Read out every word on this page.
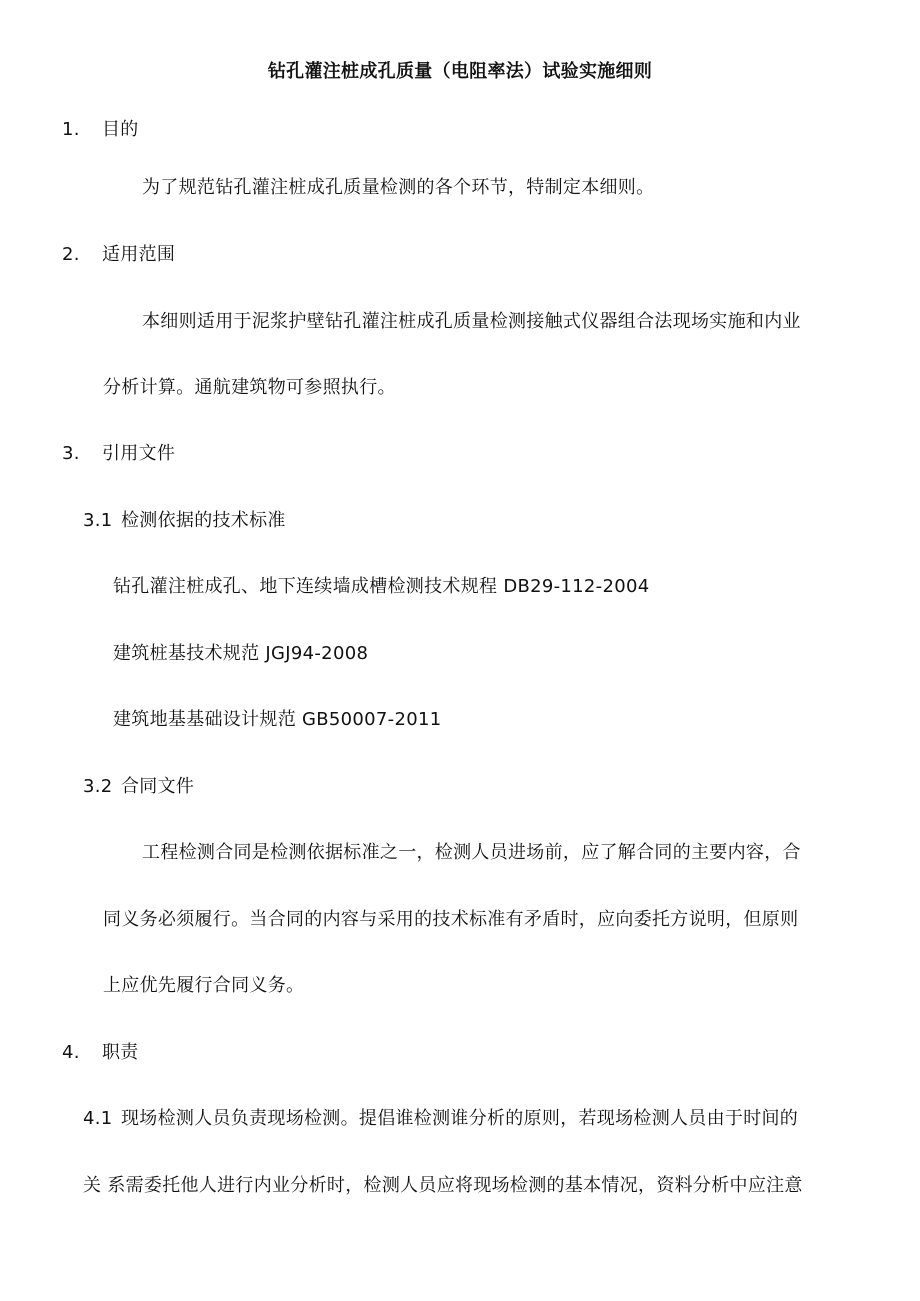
钻孔灌注桩成孔质量（电阻率法）试验实施细则
1. 目的
为了规范钻孔灌注桩成孔质量检测的各个环节，特制定本细则。
2. 适用范围
本细则适用于泥浆护壁钻孔灌注桩成孔质量检测接触式仪器组合法现场实施和内业
分析计算。通航建筑物可参照执行。
3. 引用文件
3.1 检测依据的技术标准
钻孔灌注桩成孔、地下连续墙成槽检测技术规程 DB29-112-2004
建筑桩基技术规范 JGJ94-2008
建筑地基基础设计规范 GB50007-2011
3.2 合同文件
工程检测合同是检测依据标准之一，检测人员进场前，应了解合同的主要内容，合
同义务必须履行。当合同的内容与采用的技术标准有矛盾时，应向委托方说明，但原则
上应优先履行合同义务。
4. 职责
4.1 现场检测人员负责现场检测。提倡谁检测谁分析的原则，若现场检测人员由于时间的
关 系需委托他人进行内业分析时，检测人员应将现场检测的基本情况，资料分析中应注意
